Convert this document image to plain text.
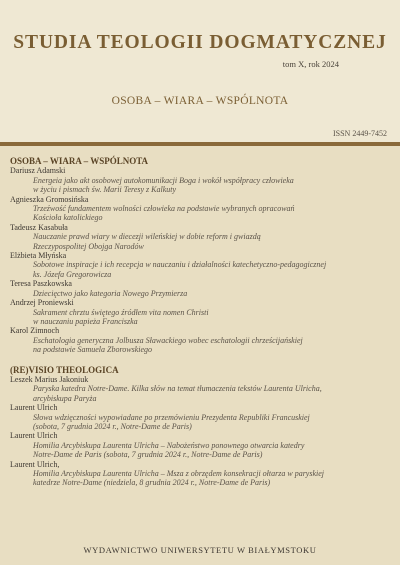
STUDIA TEOLOGII DOGMATYCZNEJ
tom X, rok 2024
OSOBA – WIARA – WSPÓLNOTA
ISSN 2449-7452

OSOBA – WIARA – WSPÓLNOTA

Dariusz Adamski

Energeia jako akt osobowej autokomunikacji Boga i wokół współpracy człowieka

w życiu i pismach św. Marii Teresy z Kalkuty

Agnieszka Gromosińska

Trzeźwość fundamentem wolności człowieka na podstawie wybranych opracowań

Kościoła katolickiego

Tadeusz Kasabuła

Nauczanie prawd wiary w diecezji wileńskiej w dobie reform i gwiazdą

Rzeczypospolitej Obojga Narodów

Elżbieta Młyńska

Sobotowe inspiracje i ich recepcja w nauczaniu i działalności katechetyczno-pedagogicznej

ks. Józefa Gregorowicza

Teresa Paszkowska

Dziecięctwo jako kategoria Nowego Przymierza

Andrzej Proniewski

Sakrament chrztu świętego źródłem vita nomen Christi

w nauczaniu papieża Franciszka

Karol Zimnoch

Eschatologia generyczna Jolbusza Sławackiego wobec eschatologii chrześcijańskiej

na podstawie Samuela Zborowskiego

(RE)VISIO THEOLOGICA

Leszek Marius Jakoniuk

Paryska katedra Notre-Dame. Kilka słów na temat tłumaczenia tekstów Laurenta Ulricha,

arcybiskupa Paryża

Laurent Ulrich

Słowa wdzięczności wypowiadane po przemówieniu Prezydenta Republiki Francuskiej

(sobota, 7 grudnia 2024 r., Notre-Dame de Paris)

Laurent Ulrich

Homilia Arcybiskupa Laurenta Ulricha – Nabożeństwo ponownego otwarcia katedry

Notre-Dame de Paris (sobota, 7 grudnia 2024 r., Notre-Dame de Paris)

Laurent Ulrich,

Homilia Arcybiskupa Laurenta Ulricha – Msza z obrzędem konsekracji ołtarza w paryskiej

katedrze Notre-Dame (niedziela, 8 grudnia 2024 r., Notre-Dame de Paris)

WYDAWNICTWO UNIWERSYTETU W BIAŁYMSTOKU
